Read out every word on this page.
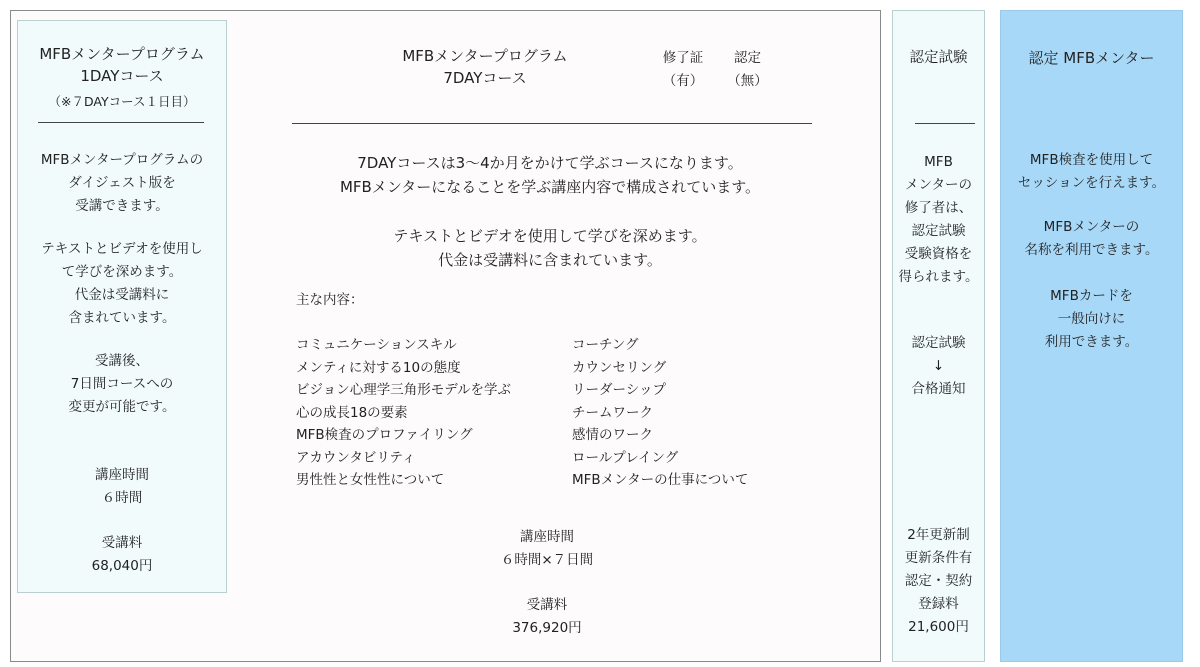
MFBメンタープログラム
1DAYコース
（※７DAYコース１日目）
MFBメンタープログラムの
ダイジェスト版を
受講できます。
テキストとビデオを使用し
て学びを深めます。
代金は受講料に
含まれています。
受講後、
7日間コースへの
変更が可能です。
講座時間
６時間
受講料
68,040円
MFBメンタープログラム
7DAYコース
修了証
（有）
認定
（無）
7DAYコースは3〜4か月をかけて学ぶコースになります。
MFBメンターになることを学ぶ講座内容で構成されています。
テキストとビデオを使用して学びを深めます。
代金は受講料に含まれています。
主な内容：
コミュニケーションスキル
メンティに対する10の態度
ビジョン心理学三角形モデルを学ぶ
心の成長18の要素
MFB検査のプロファイリング
アカウンタビリティ
男性性と女性性について
コーチング
カウンセリング
リーダーシップ
チームワーク
感情のワーク
ロールプレイング
MFBメンターの仕事について
講座時間
６時間×７日間
受講料
376,920円
認定試験
MFB
メンターの
修了者は、
認定試験
受験資格を
得られます。
認定試験
↓
合格通知
2年更新制
更新条件有
認定・契約
登録料
21,600円
認定 MFBメンター
MFB検査を使用して
セッションを行えます。
MFBメンターの
名称を利用できます。
MFBカードを
一般向けに
利用できます。
